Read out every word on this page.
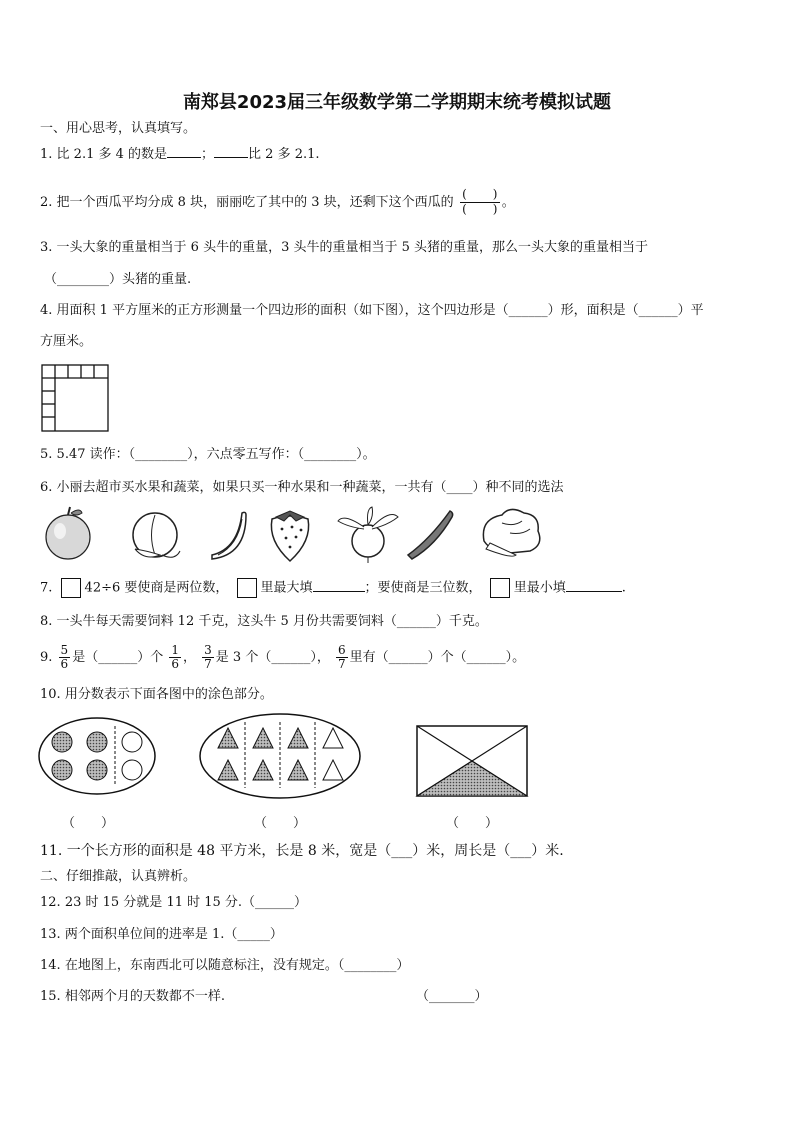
南郑县2023届三年级数学第二学期期末统考模拟试题
一、用心思考，认真填写。
1. 比 2.1 多 4 的数是	；	比 2 多 2.1.
2. 把一个西瓜平均分成 8 块，丽丽吃了其中的 3 块，还剩下这个西瓜的 $\frac{( )}{( )}$ 。
3. 一头大象的重量相当于 6 头牛的重量，3 头牛的重量相当于 5 头猪的重量，那么一头大象的重量相当于
（________）头猪的重量.
4. 用面积 1 平方厘米的正方形测量一个四边形的面积（如下图），这个四边形是（______）形，面积是（______）平
方厘米。
5. 5.47 读作：（________），六点零五写作：（________）。
6. 小丽去超市买水果和蔬菜，如果只买一种水果和一种蔬菜，一共有（____）种不同的选法
7. 42÷6 要使商是两位数， 里最大填	；要使商是三位数， 里最小填	.
8. 一头牛每天需要饲料 12 千克，这头牛 5 月份共需要饲料（______）千克。
9. $\frac{5}{6}$ 是（______）个 $\frac{1}{6}$ ， $\frac{3}{7}$ 是 3 个（______）， $\frac{6}{7}$ 里有（______）个（______）。
10. 用分数表示下面各图中的涂色部分。
（　　）	（　　）	（　　）
11. 一个长方形的面积是 48 平方米，长是 8 米，宽是（___）米，周长是（___）米.
二、仔细推敲，认真辨析。
12. 23 时 15 分就是 11 时 15 分.（______）
13. 两个面积单位间的进率是 1.（_____）
14. 在地图上，东南西北可以随意标注，没有规定。（________）
15. 相邻两个月的天数都不一样.	（_______）
